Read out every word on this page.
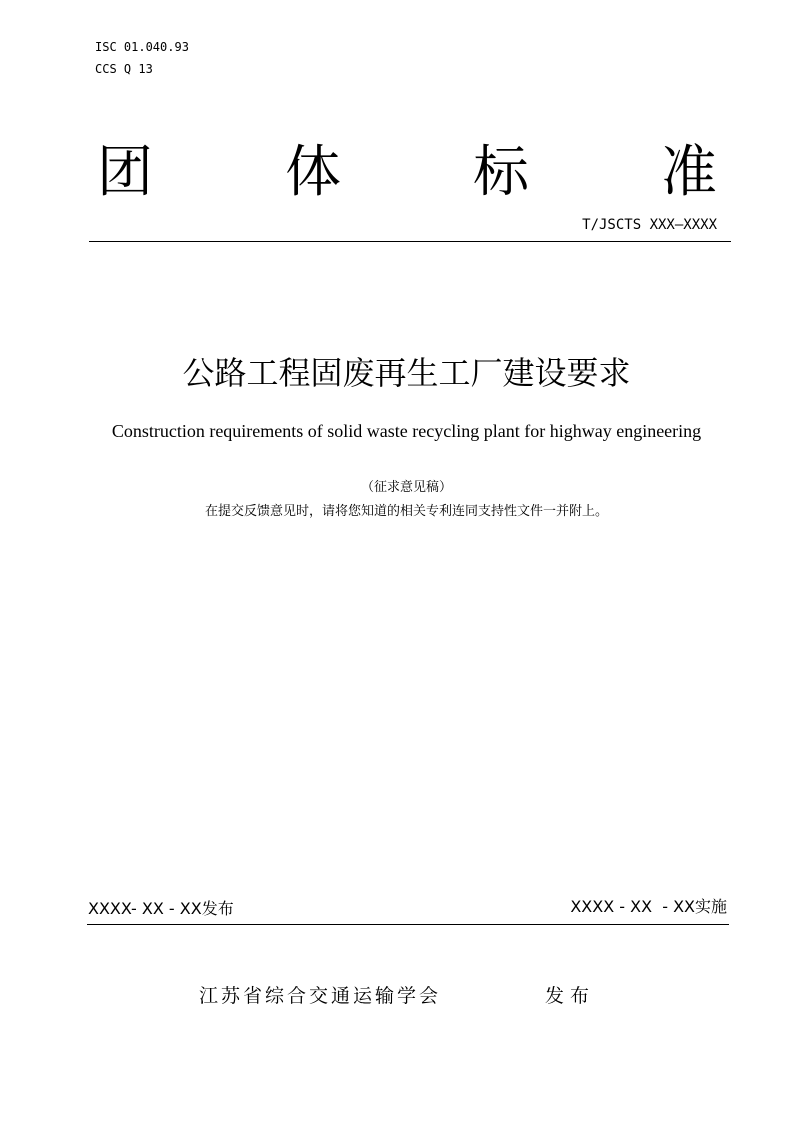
ISC 01.040.93
CCS Q 13
团 体 标 准
T/JSCTS XXX—XXXX
公路工程固废再生工厂建设要求
Construction requirements of solid waste recycling plant for highway engineering
（征求意见稿）
在提交反馈意见时，请将您知道的相关专利连同支持性文件一并附上。
XXXX- XX - XX发布	XXXX - XX  - XX实施
江苏省综合交通运输学会	发 布
